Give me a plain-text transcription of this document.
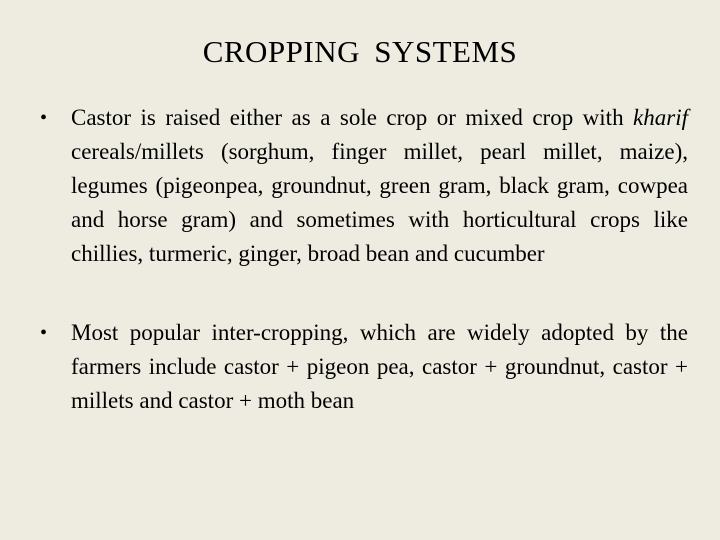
CROPPING SYSTEMS
• Castor is raised either as a sole crop or mixed crop with kharif cereals/millets (sorghum, finger millet, pearl millet, maize), legumes (pigeonpea, groundnut, green gram, black gram, cowpea and horse gram) and sometimes with horticultural crops like chillies, turmeric, ginger, broad bean and cucumber
• Most popular inter-cropping, which are widely adopted by the farmers include castor + pigeon pea, castor + groundnut, castor + millets and castor + moth bean
